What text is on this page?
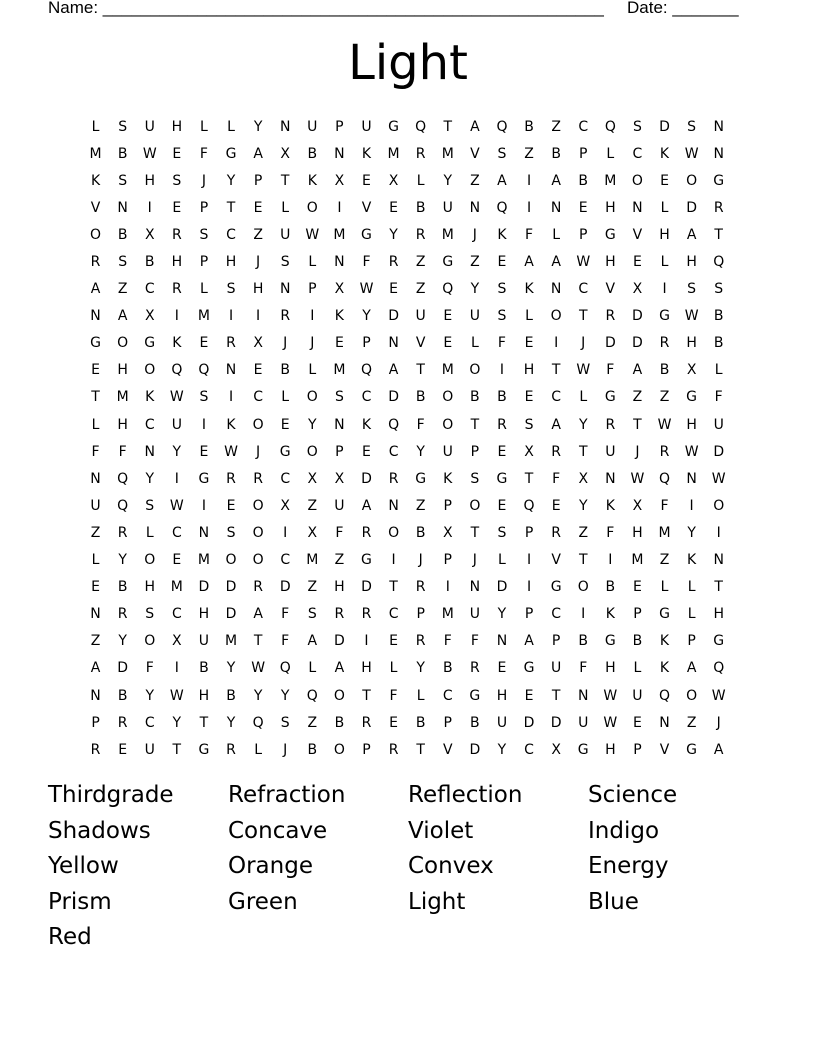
Name: _____________________________________________________ Date: _______
Light
L	S	U	H	L	L	Y	N	U	P	U	G	Q	T	A	Q	B	Z	C	Q	S	D	S	N
M	B	W	E	F	G	A	X	B	N	K	M	R	M	V	S	Z	B	P	L	C	K	W	N
K	S	H	S	J	Y	P	T	K	X	E	X	L	Y	Z	A	I	A	B	M	O	E	O	G
V	N	I	E	P	T	E	L	O	I	V	E	B	U	N	Q	I	N	E	H	N	L	D	R
O	B	X	R	S	C	Z	U	W	M	G	Y	R	M	J	K	F	L	P	G	V	H	A	T
R	S	B	H	P	H	J	S	L	N	F	R	Z	G	Z	E	A	A	W	H	E	L	H	Q
A	Z	C	R	L	S	H	N	P	X	W	E	Z	Q	Y	S	K	N	C	V	X	I	S	S
N	A	X	I	M	I	I	R	I	K	Y	D	U	E	U	S	L	O	T	R	D	G	W	B
G	O	G	K	E	R	X	J	J	E	P	N	V	E	L	F	E	I	J	D	D	R	H	B
E	H	O	Q	Q	N	E	B	L	M	Q	A	T	M	O	I	H	T	W	F	A	B	X	L
T	M	K	W	S	I	C	L	O	S	C	D	B	O	B	B	E	C	L	G	Z	Z	G	F
L	H	C	U	I	K	O	E	Y	N	K	Q	F	O	T	R	S	A	Y	R	T	W	H	U
F	F	N	Y	E	W	J	G	O	P	E	C	Y	U	P	E	X	R	T	U	J	R	W	D
N	Q	Y	I	G	R	R	C	X	X	D	R	G	K	S	G	T	F	X	N	W	Q	N	W
U	Q	S	W	I	E	O	X	Z	U	A	N	Z	P	O	E	Q	E	Y	K	X	F	I	O
Z	R	L	C	N	S	O	I	X	F	R	O	B	X	T	S	P	R	Z	F	H	M	Y	I
L	Y	O	E	M	O	O	C	M	Z	G	I	J	P	J	L	I	V	T	I	M	Z	K	N
E	B	H	M	D	D	R	D	Z	H	D	T	R	I	N	D	I	G	O	B	E	L	L	T
N	R	S	C	H	D	A	F	S	R	R	C	P	M	U	Y	P	C	I	K	P	G	L	H
Z	Y	O	X	U	M	T	F	A	D	I	E	R	F	F	N	A	P	B	G	B	K	P	G
A	D	F	I	B	Y	W	Q	L	A	H	L	Y	B	R	E	G	U	F	H	L	K	A	Q
N	B	Y	W	H	B	Y	Y	Q	O	T	F	L	C	G	H	E	T	N	W	U	Q	O	W
P	R	C	Y	T	Y	Q	S	Z	B	R	E	B	P	B	U	D	D	U	W	E	N	Z	J
R	E	U	T	G	R	L	J	B	O	P	R	T	V	D	Y	C	X	G	H	P	V	G	A
Thirdgrade	Refraction	Reflection	Science
Shadows	Concave	Violet	Indigo
Yellow	Orange	Convex	Energy
Prism	Green	Light	Blue
Red
